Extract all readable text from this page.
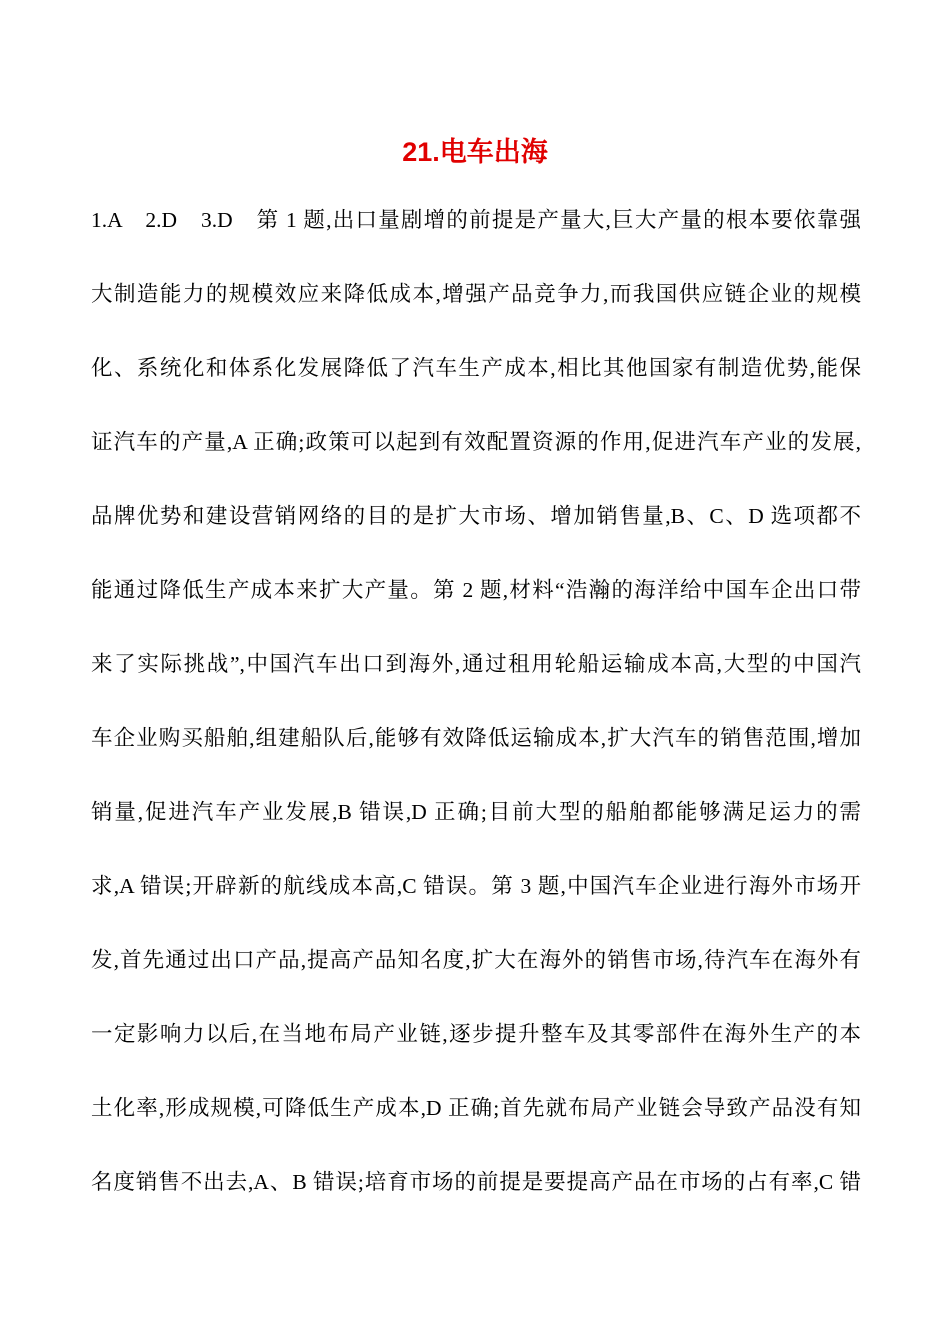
21.电车出海
1.A　2.D　3.D　第 1 题,出口量剧增的前提是产量大,巨大产量的根本要依靠强
大制造能力的规模效应来降低成本,增强产品竞争力,而我国供应链企业的规模
化、系统化和体系化发展降低了汽车生产成本,相比其他国家有制造优势,能保
证汽车的产量,A 正确;政策可以起到有效配置资源的作用,促进汽车产业的发展,
品牌优势和建设营销网络的目的是扩大市场、增加销售量,B、C、D 选项都不
能通过降低生产成本来扩大产量。第 2 题,材料“浩瀚的海洋给中国车企出口带
来了实际挑战”,中国汽车出口到海外,通过租用轮船运输成本高,大型的中国汽
车企业购买船舶,组建船队后,能够有效降低运输成本,扩大汽车的销售范围,增加
销量,促进汽车产业发展,B 错误,D 正确;目前大型的船舶都能够满足运力的需
求,A 错误;开辟新的航线成本高,C 错误。第 3 题,中国汽车企业进行海外市场开
发,首先通过出口产品,提高产品知名度,扩大在海外的销售市场,待汽车在海外有
一定影响力以后,在当地布局产业链,逐步提升整车及其零部件在海外生产的本
土化率,形成规模,可降低生产成本,D 正确;首先就布局产业链会导致产品没有知
名度销售不出去,A、B 错误;培育市场的前提是要提高产品在市场的占有率,C 错
